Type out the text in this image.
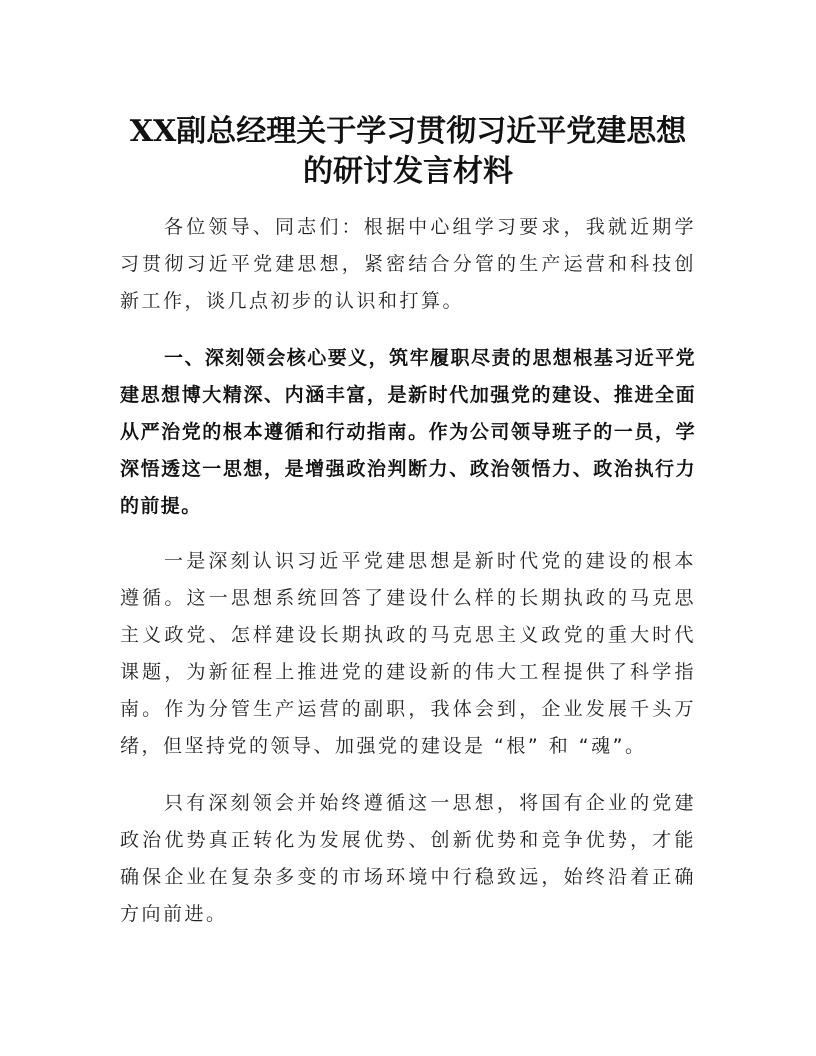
XX副总经理关于学习贯彻习近平党建思想
的研讨发言材料

各位领导、同志们：根据中心组学习要求，我就近期学习贯彻习近平党建思想，紧密结合分管的生产运营和科技创新工作，谈几点初步的认识和打算。

一、深刻领会核心要义，筑牢履职尽责的思想根基习近平党建思想博大精深、内涵丰富，是新时代加强党的建设、推进全面从严治党的根本遵循和行动指南。作为公司领导班子的一员，学深悟透这一思想，是增强政治判断力、政治领悟力、政治执行力的前提。

一是深刻认识习近平党建思想是新时代党的建设的根本遵循。这一思想系统回答了建设什么样的长期执政的马克思主义政党、怎样建设长期执政的马克思主义政党的重大时代课题，为新征程上推进党的建设新的伟大工程提供了科学指南。作为分管生产运营的副职，我体会到，企业发展千头万绪，但坚持党的领导、加强党的建设是 “根” 和 “魂”。

只有深刻领会并始终遵循这一思想，将国有企业的党建政治优势真正转化为发展优势、创新优势和竞争优势，才能确保企业在复杂多变的市场环境中行稳致远，始终沿着正确方向前进。
